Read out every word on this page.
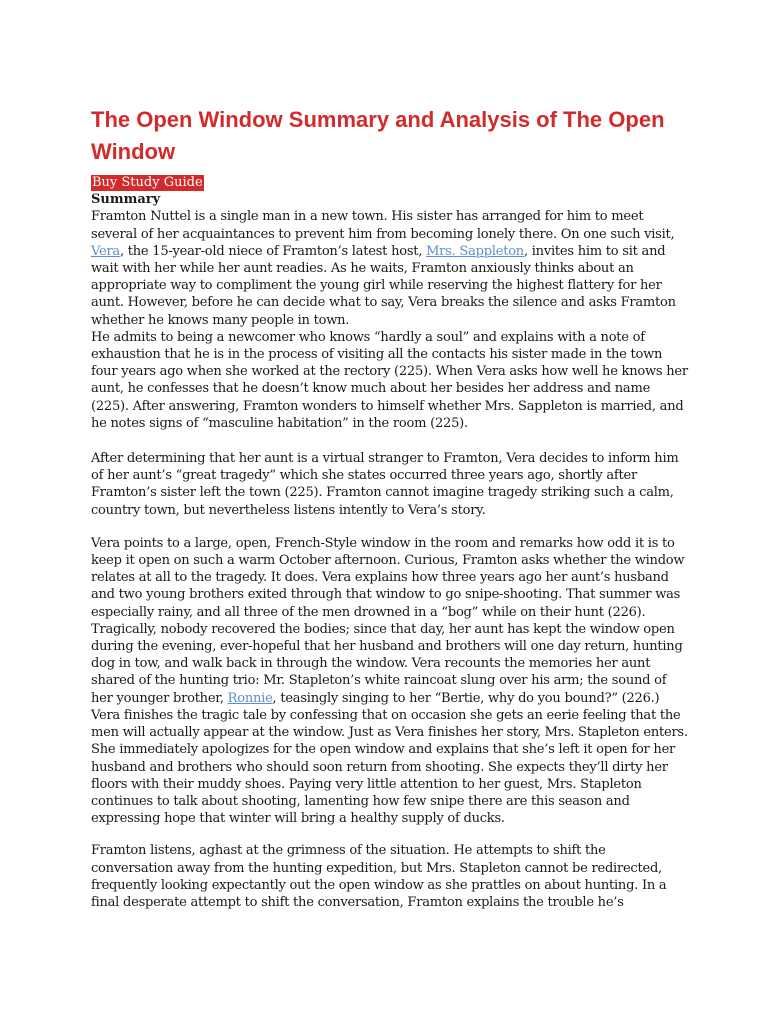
The Open Window Summary and Analysis of The Open Window
Buy Study Guide
Summary

Framton Nuttel is a single man in a new town. His sister has arranged for him to meet several of her acquaintances to prevent him from becoming lonely there. On one such visit, Vera, the 15-year-old niece of Framton’s latest host, Mrs. Sappleton, invites him to sit and wait with her while her aunt readies. As he waits, Framton anxiously thinks about an appropriate way to compliment the young girl while reserving the highest flattery for her aunt. However, before he can decide what to say, Vera breaks the silence and asks Framton whether he knows many people in town.

He admits to being a newcomer who knows “hardly a soul” and explains with a note of exhaustion that he is in the process of visiting all the contacts his sister made in the town four years ago when she worked at the rectory (225). When Vera asks how well he knows her aunt, he confesses that he doesn’t know much about her besides her address and name (225). After answering, Framton wonders to himself whether Mrs. Sappleton is married, and he notes signs of “masculine habitation” in the room (225).

After determining that her aunt is a virtual stranger to Framton, Vera decides to inform him of her aunt’s “great tragedy” which she states occurred three years ago, shortly after Framton’s sister left the town (225). Framton cannot imagine tragedy striking such a calm, country town, but nevertheless listens intently to Vera’s story.

Vera points to a large, open, French-Style window in the room and remarks how odd it is to keep it open on such a warm October afternoon. Curious, Framton asks whether the window relates at all to the tragedy. It does. Vera explains how three years ago her aunt’s husband and two young brothers exited through that window to go snipe-shooting. That summer was especially rainy, and all three of the men drowned in a “bog” while on their hunt (226). Tragically, nobody recovered the bodies; since that day, her aunt has kept the window open during the evening, ever-hopeful that her husband and brothers will one day return, hunting dog in tow, and walk back in through the window. Vera recounts the memories her aunt shared of the hunting trio: Mr. Stapleton’s white raincoat slung over his arm; the sound of her younger brother, Ronnie, teasingly singing to her “Bertie, why do you bound?” (226.) Vera finishes the tragic tale by confessing that on occasion she gets an eerie feeling that the men will actually appear at the window. Just as Vera finishes her story, Mrs. Stapleton enters. She immediately apologizes for the open window and explains that she’s left it open for her husband and brothers who should soon return from shooting. She expects they’ll dirty her floors with their muddy shoes. Paying very little attention to her guest, Mrs. Stapleton continues to talk about shooting, lamenting how few snipe there are this season and expressing hope that winter will bring a healthy supply of ducks.

Framton listens, aghast at the grimness of the situation. He attempts to shift the conversation away from the hunting expedition, but Mrs. Stapleton cannot be redirected, frequently looking expectantly out the open window as she prattles on about hunting. In a final desperate attempt to shift the conversation, Framton explains the trouble he’s
